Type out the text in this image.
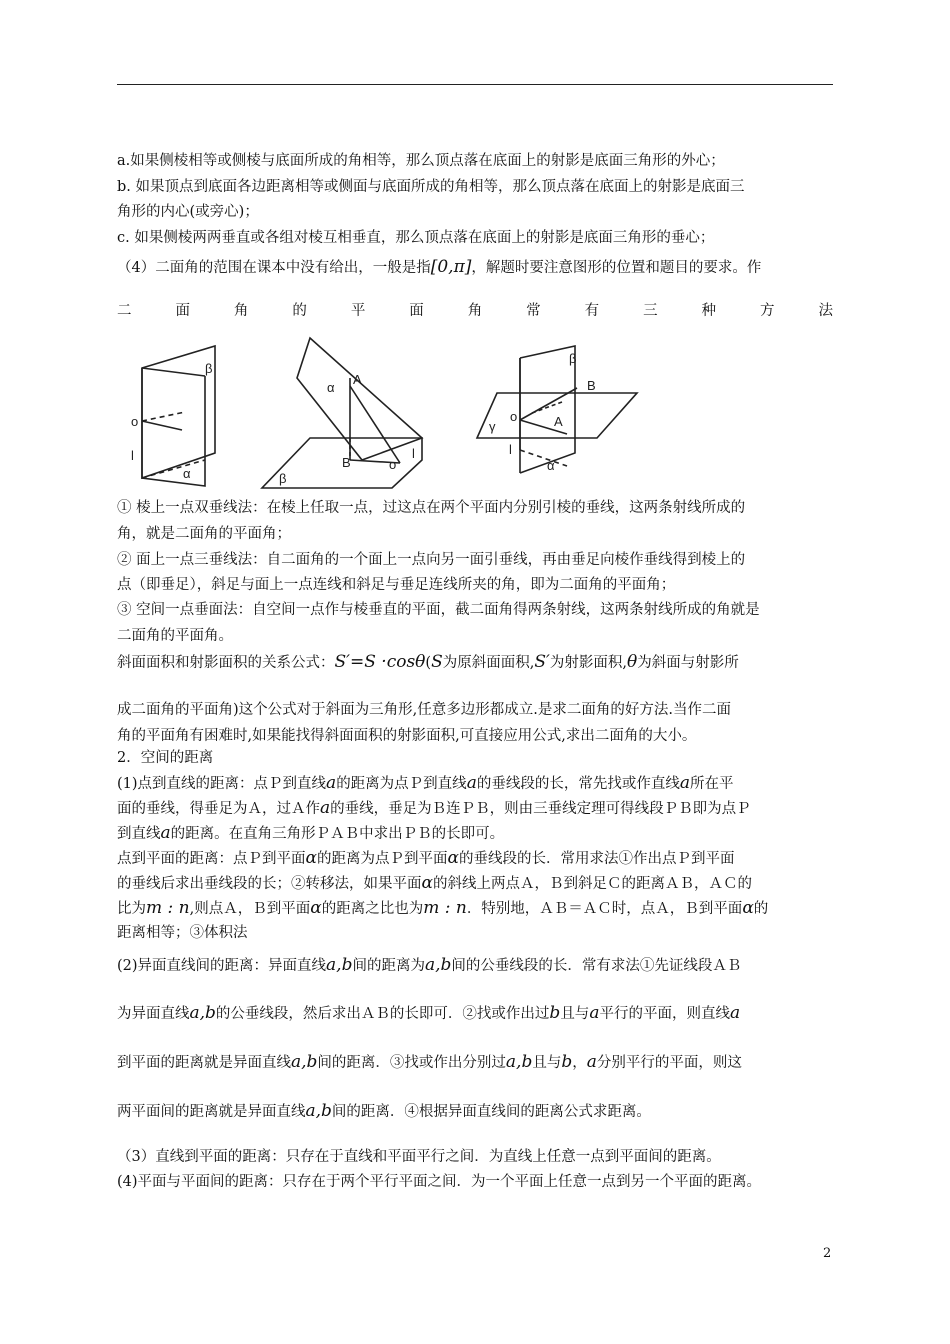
a.如果侧棱相等或侧棱与底面所成的角相等，那么顶点落在底面上的射影是底面三角形的外心；
b. 如果顶点到底面各边距离相等或侧面与底面所成的角相等，那么顶点落在底面上的射影是底面三
角形的内心(或旁心)；
c. 如果侧棱两两垂直或各组对棱互相垂直，那么顶点落在底面上的射影是底面三角形的垂心；
（4）二面角的范围在课本中没有给出，一般是指[0,π]，解题时要注意图形的位置和题目的要求。作
二	面	角	的	平	面	角	常	有	三	种	方	法
β
o
l
α
α
A
B	o
l
β
β
B
γ
o	A
l
α
① 棱上一点双垂线法：在棱上任取一点，过这点在两个平面内分别引棱的垂线，这两条射线所成的
角，就是二面角的平面角；
② 面上一点三垂线法：自二面角的一个面上一点向另一面引垂线，再由垂足向棱作垂线得到棱上的
点（即垂足），斜足与面上一点连线和斜足与垂足连线所夹的角，即为二面角的平面角；
③ 空间一点垂面法：自空间一点作与棱垂直的平面，截二面角得两条射线，这两条射线所成的角就是
二面角的平面角。
斜面面积和射影面积的关系公式：S′=S ·cosθ(S为原斜面面积,S′为射影面积,θ为斜面与射影所
成二面角的平面角)这个公式对于斜面为三角形,任意多边形都成立.是求二面角的好方法.当作二面
角的平面角有困难时,如果能找得斜面面积的射影面积,可直接应用公式,求出二面角的大小。
2．空间的距离
(1)点到直线的距离：点Ｐ到直线a的距离为点Ｐ到直线a的垂线段的长，常先找或作直线a所在平
面的垂线，得垂足为Ａ，过Ａ作a的垂线，垂足为Ｂ连ＰＢ，则由三垂线定理可得线段ＰＢ即为点Ｐ
到直线a的距离。在直角三角形ＰＡＢ中求出ＰＢ的长即可。
点到平面的距离：点Ｐ到平面α的距离为点Ｐ到平面α的垂线段的长．常用求法①作出点Ｐ到平面
的垂线后求出垂线段的长；②转移法，如果平面α的斜线上两点Ａ，Ｂ到斜足Ｃ的距离ＡＢ，ＡＣ的
比为m : n,则点Ａ，Ｂ到平面α的距离之比也为m : n．特别地，ＡＢ＝ＡＣ时，点Ａ，Ｂ到平面α的
距离相等；③体积法
(2)异面直线间的距离：异面直线a,b间的距离为a,b间的公垂线段的长．常有求法①先证线段ＡＢ
为异面直线a,b的公垂线段，然后求出ＡＢ的长即可．②找或作出过b且与a平行的平面，则直线a
到平面的距离就是异面直线a,b间的距离．③找或作出分别过a,b且与b，a分别平行的平面，则这
两平面间的距离就是异面直线a,b间的距离．④根据异面直线间的距离公式求距离。
（3）直线到平面的距离：只存在于直线和平面平行之间．为直线上任意一点到平面间的距离。
(4)平面与平面间的距离：只存在于两个平行平面之间．为一个平面上任意一点到另一个平面的距离。
2
